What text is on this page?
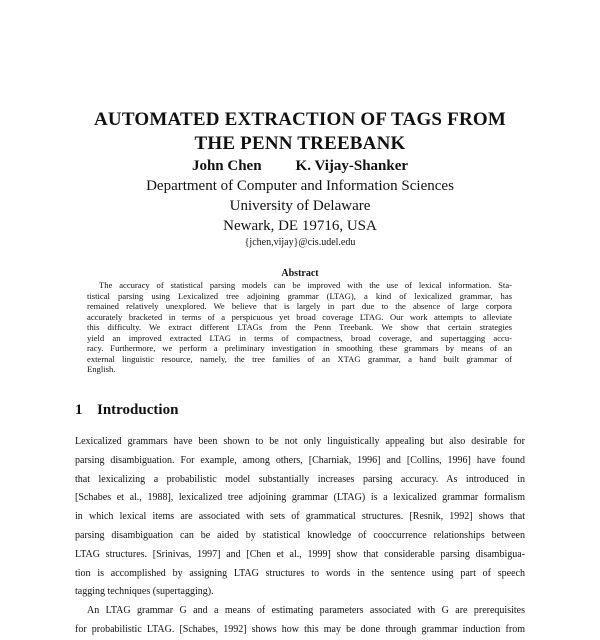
AUTOMATED EXTRACTION OF TAGS FROM
THE PENN TREEBANK
John Chen K. Vijay-Shanker
Department of Computer and Information Sciences
University of Delaware
Newark, DE 19716, USA
{jchen,vijay}@cis.udel.edu
Abstract
The accuracy of statistical parsing models can be improved with the use of lexical information. Sta-
tistical parsing using Lexicalized tree adjoining grammar (LTAG), a kind of lexicalized grammar, has
remained relatively unexplored. We believe that is largely in part due to the absence of large corpora
accurately bracketed in terms of a perspicuous yet broad coverage LTAG. Our work attempts to alleviate
this difficulty. We extract different LTAGs from the Penn Treebank. We show that certain strategies
yield an improved extracted LTAG in terms of compactness, broad coverage, and supertagging accu-
racy. Furthermore, we perform a preliminary investigation in smoothing these grammars by means of an
external linguistic resource, namely, the tree families of an XTAG grammar, a hand built grammar of
English.
1 Introduction
Lexicalized grammars have been shown to be not only linguistically appealing but also desirable for
parsing disambiguation. For example, among others, [Charniak, 1996] and [Collins, 1996] have found
that lexicalizing a probabilistic model substantially increases parsing accuracy. As introduced in
[Schabes et al., 1988], lexicalized tree adjoining grammar (LTAG) is a lexicalized grammar formalism
in which lexical items are associated with sets of grammatical structures. [Resnik, 1992] shows that
parsing disambiguation can be aided by statistical knowledge of cooccurrence relationships between
LTAG structures. [Srinivas, 1997] and [Chen et al., 1999] show that considerable parsing disambigua-
tion is accomplished by assigning LTAG structures to words in the sentence using part of speech
tagging techniques (supertagging).
An LTAG grammar G and a means of estimating parameters associated with G are prerequisites
for probabilistic LTAG. [Schabes, 1992] shows how this may be done through grammar induction from
